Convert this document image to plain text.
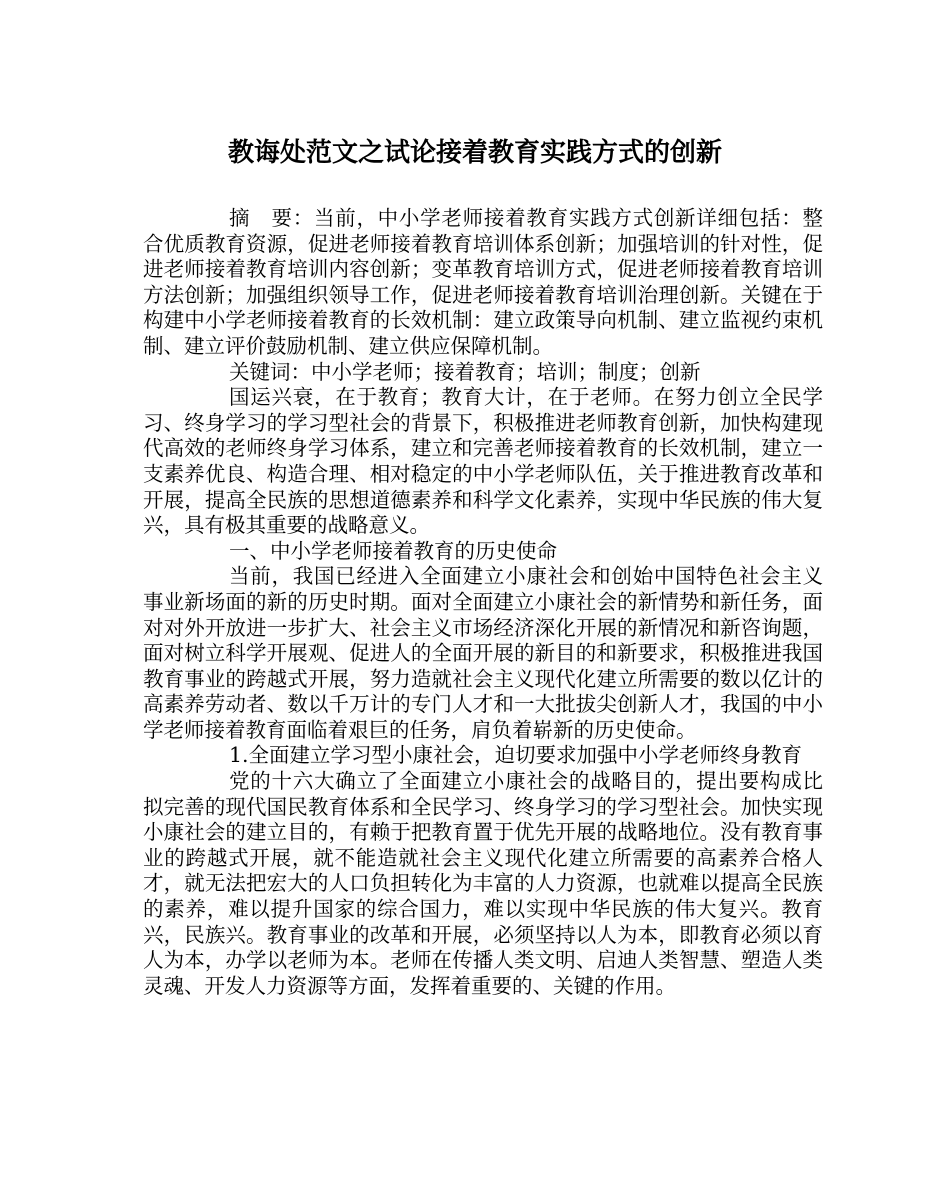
教诲处范文之试论接着教育实践方式的创新

摘　要：当前，中小学老师接着教育实践方式创新详细包括：整合优质教育资源，促进老师接着教育培训体系创新；加强培训的针对性，促进老师接着教育培训内容创新；变革教育培训方式，促进老师接着教育培训方法创新；加强组织领导工作，促进老师接着教育培训治理创新。关键在于构建中小学老师接着教育的长效机制：建立政策导向机制、建立监视约束机制、建立评价鼓励机制、建立供应保障机制。

关键词：中小学老师；接着教育；培训；制度；创新

国运兴衰，在于教育；教育大计，在于老师。在努力创立全民学习、终身学习的学习型社会的背景下，积极推进老师教育创新，加快构建现代高效的老师终身学习体系，建立和完善老师接着教育的长效机制，建立一支素养优良、构造合理、相对稳定的中小学老师队伍，关于推进教育改革和开展，提高全民族的思想道德素养和科学文化素养，实现中华民族的伟大复兴，具有极其重要的战略意义。

一、中小学老师接着教育的历史使命

当前，我国已经进入全面建立小康社会和创始中国特色社会主义事业新场面的新的历史时期。面对全面建立小康社会的新情势和新任务，面对对外开放进一步扩大、社会主义市场经济深化开展的新情况和新咨询题，面对树立科学开展观、促进人的全面开展的新目的和新要求，积极推进我国教育事业的跨越式开展，努力造就社会主义现代化建立所需要的数以亿计的高素养劳动者、数以千万计的专门人才和一大批拔尖创新人才，我国的中小学老师接着教育面临着艰巨的任务，肩负着崭新的历史使命。

1.全面建立学习型小康社会，迫切要求加强中小学老师终身教育

党的十六大确立了全面建立小康社会的战略目的，提出要构成比拟完善的现代国民教育体系和全民学习、终身学习的学习型社会。加快实现小康社会的建立目的，有赖于把教育置于优先开展的战略地位。没有教育事业的跨越式开展，就不能造就社会主义现代化建立所需要的高素养合格人才，就无法把宏大的人口负担转化为丰富的人力资源，也就难以提高全民族的素养，难以提升国家的综合国力，难以实现中华民族的伟大复兴。教育兴，民族兴。教育事业的改革和开展，必须坚持以人为本，即教育必须以育人为本，办学以老师为本。老师在传播人类文明、启迪人类智慧、塑造人类灵魂、开发人力资源等方面，发挥着重要的、关键的作用。
